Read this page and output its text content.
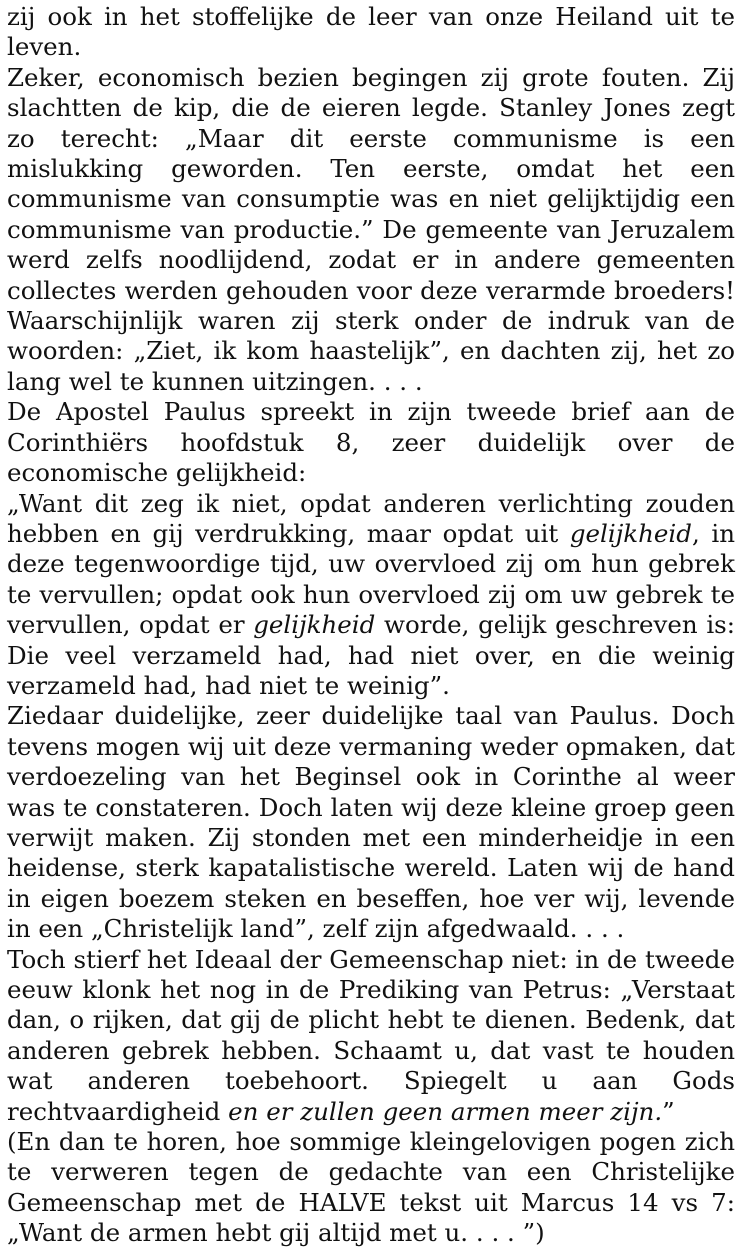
zij ook in het stoffelijke de leer van onze Heiland uit te leven.

Zeker, economisch bezien begingen zij grote fouten. Zij slachtten de kip, die de eieren legde. Stanley Jones zegt zo terecht: „Maar dit eerste communisme is een mislukking geworden. Ten eerste, omdat het een communisme van consumptie was en niet gelijktijdig een communisme van productie.” De gemeente van Jeruzalem werd zelfs noodlijdend, zodat er in andere gemeenten collectes werden gehouden voor deze verarmde broeders! Waarschijnlijk waren zij sterk onder de indruk van de woorden: „Ziet, ik kom haastelijk”, en dachten zij, het zo lang wel te kunnen uitzingen. . . .

De Apostel Paulus spreekt in zijn tweede brief aan de Corinthiërs hoofdstuk 8, zeer duidelijk over de economische gelijkheid:

„Want dit zeg ik niet, opdat anderen verlichting zouden hebben en gij verdrukking, maar opdat uit gelijkheid, in deze tegenwoordige tijd, uw overvloed zij om hun gebrek te vervullen; opdat ook hun overvloed zij om uw gebrek te vervullen, opdat er gelijkheid worde, gelijk geschreven is: Die veel verzameld had, had niet over, en die weinig verzameld had, had niet te weinig”.

Ziedaar duidelijke, zeer duidelijke taal van Paulus. Doch tevens mogen wij uit deze vermaning weder opmaken, dat verdoezeling van het Beginsel ook in Corinthe al weer was te constateren. Doch laten wij deze kleine groep geen verwijt maken. Zij stonden met een minderheidje in een heidense, sterk kapatalistische wereld. Laten wij de hand in eigen boezem steken en beseffen, hoe ver wij, levende in een „Christelijk land”, zelf zijn afgedwaald. . . .

Toch stierf het Ideaal der Gemeenschap niet: in de tweede eeuw klonk het nog in de Prediking van Petrus: „Verstaat dan, o rijken, dat gij de plicht hebt te dienen. Bedenk, dat anderen gebrek hebben. Schaamt u, dat vast te houden wat anderen toebehoort. Spiegelt u aan Gods rechtvaardigheid en er zullen geen armen meer zijn.”

(En dan te horen, hoe sommige kleingelovigen pogen zich te verweren tegen de gedachte van een Christelijke Gemeenschap met de HALVE tekst uit Marcus 14 vs 7: „Want de armen hebt gij altijd met u. . . . ”)
